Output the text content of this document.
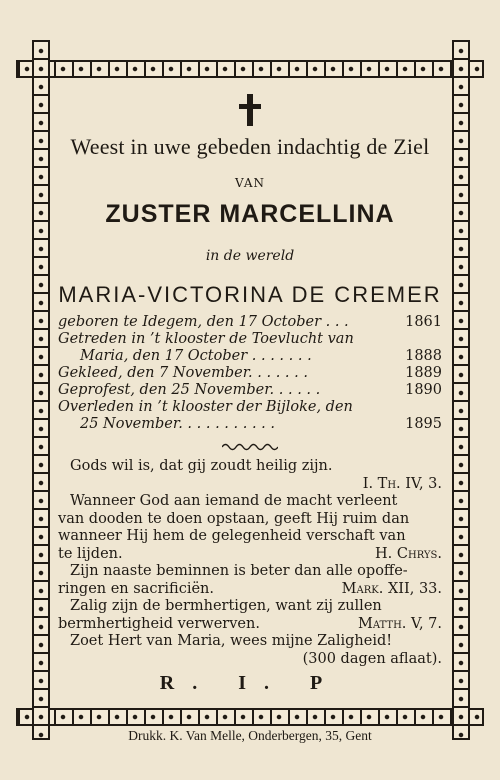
Weest in uwe gebeden indachtig de Ziel
VAN
ZUSTER MARCELLINA
in de wereld
MARIA-VICTORINA DE CREMER
geboren te Idegem, den 17 October . . .	1861
Getreden in ’t klooster de Toevlucht van
Maria, den 17 October . . . . . . .	1888
Gekleed, den 7 November. . . . . . .	1889
Geprofest, den 25 November. . . . . .	1890
Overleden in ’t klooster der Bijloke, den
25 November. . . . . . . . . . .	1895
Gods wil is, dat gij zoudt heilig zijn.
I. Th. IV, 3.
Wanneer God aan iemand de macht verleent
van dooden te doen opstaan, geeft Hij ruim dan
wanneer Hij hem de gelegenheid verschaft van
te lijden.	H. Chrys.
Zijn naaste beminnen is beter dan alle opoffe-
ringen en sacrificiën.	Mark. XII, 33.
Zalig zijn de bermhertigen, want zij zullen
bermhertigheid verwerven.	Matth. V, 7.
Zoet Hert van Maria, wees mijne Zaligheid!
(300 dagen aflaat).
R. I. P
Drukk. K. Van Melle, Onderbergen, 35, Gent
